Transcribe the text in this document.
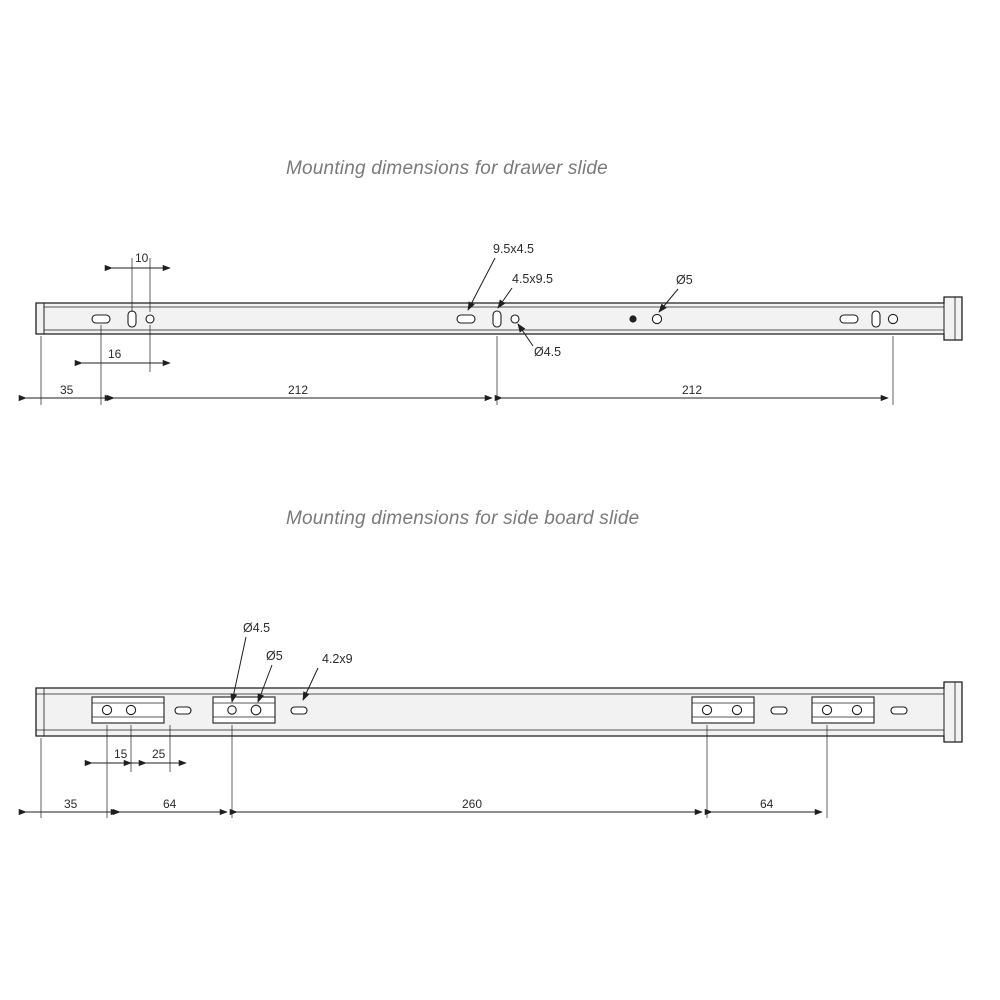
Mounting dimensions for drawer slide
Mounting dimensions for side board slide
9.5x4.5
4.5x9.5
Ø4.5
Ø5
10
16
35	212	212
Ø4.5
Ø5	4.2x9
15 25
35	64	260	64
